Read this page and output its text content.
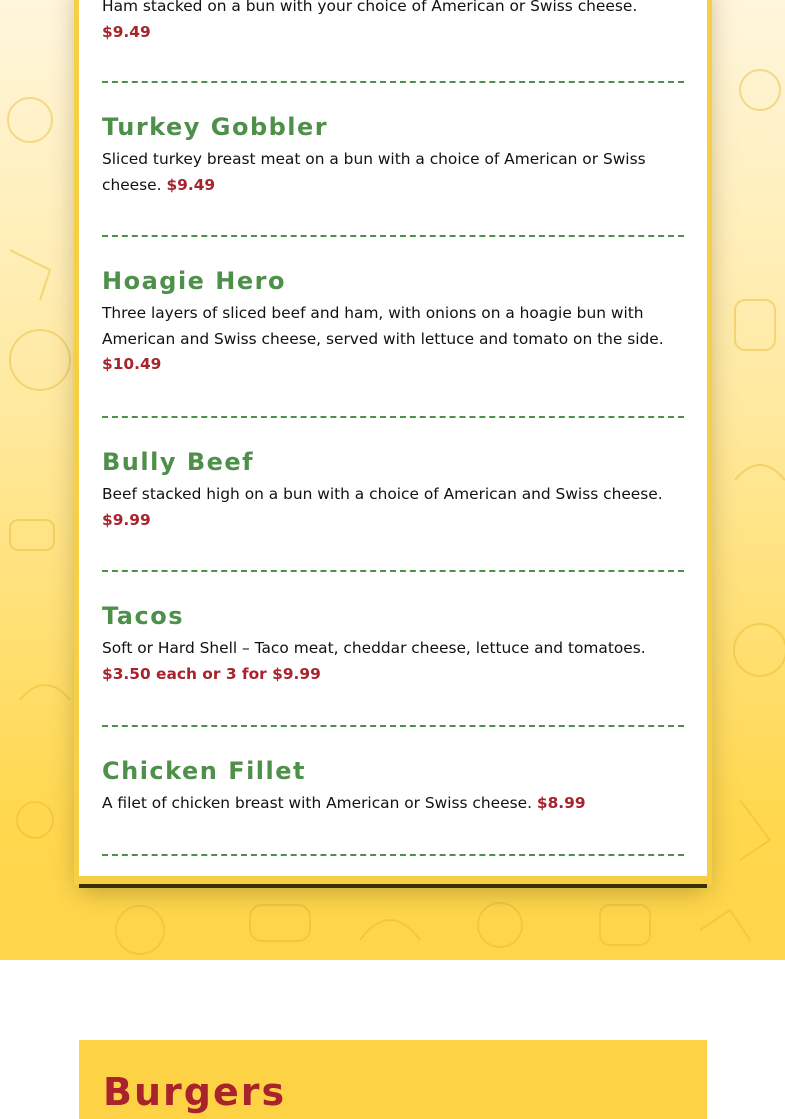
Ham stacked on a bun with your choice of American or Swiss cheese.
$9.49

Turkey Gobbler

Sliced turkey breast meat on a bun with a choice of American or Swiss cheese. $9.49

Hoagie Hero

Three layers of sliced beef and ham, with onions on a hoagie bun with American and Swiss cheese, served with lettuce and tomato on the side. $10.49

Bully Beef

Beef stacked high on a bun with a choice of American and Swiss cheese. $9.99

Tacos

Soft or Hard Shell – Taco meat, cheddar cheese, lettuce and tomatoes.
$3.50 each or 3 for $9.99

Chicken Fillet

A filet of chicken breast with American or Swiss cheese. $8.99

Burgers
